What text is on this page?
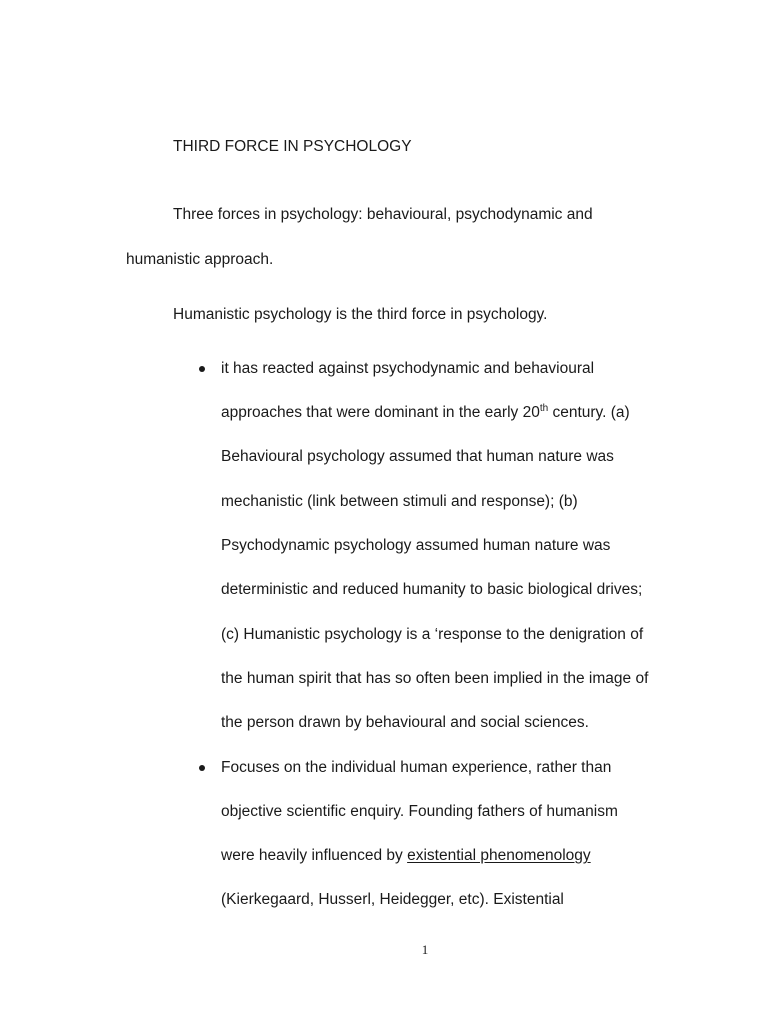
THIRD FORCE IN PSYCHOLOGY
Three forces in psychology: behavioural, psychodynamic and
humanistic approach.
Humanistic psychology is the third force in psychology.
it has reacted against psychodynamic and behavioural
approaches that were dominant in the early 20th century. (a)
Behavioural psychology assumed that human nature was
mechanistic (link between stimuli and response); (b)
Psychodynamic psychology assumed human nature was
deterministic and reduced humanity to basic biological drives;
(c) Humanistic psychology is a ‘response to the denigration of
the human spirit that has so often been implied in the image of
the person drawn by behavioural and social sciences.
Focuses on the individual human experience, rather than
objective scientific enquiry. Founding fathers of humanism
were heavily influenced by existential phenomenology
(Kierkegaard, Husserl, Heidegger, etc). Existential
1
